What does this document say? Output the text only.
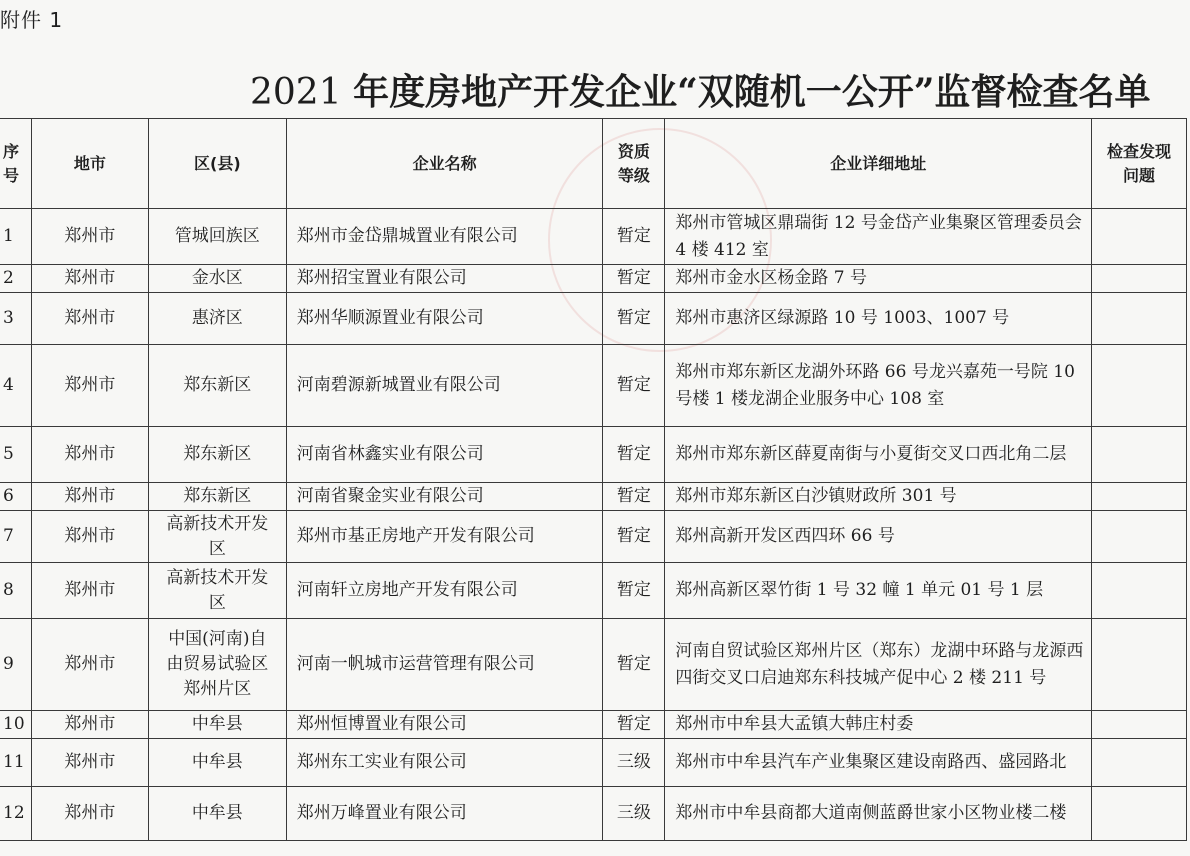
附件 1
2021 年度房地产开发企业“双随机一公开”监督检查名单
序号	地市	区(县)	企业名称	资质等级	企业详细地址	检查发现问题
1	郑州市	管城回族区	郑州市金岱鼎城置业有限公司	暂定	郑州市管城区鼎瑞街 12 号金岱产业集聚区管理委员会 4 楼 412 室	
2	郑州市	金水区	郑州招宝置业有限公司	暂定	郑州市金水区杨金路 7 号	
3	郑州市	惠济区	郑州华顺源置业有限公司	暂定	郑州市惠济区绿源路 10 号 1003、1007 号	
4	郑州市	郑东新区	河南碧源新城置业有限公司	暂定	郑州市郑东新区龙湖外环路 66 号龙兴嘉苑一号院 10 号楼 1 楼龙湖企业服务中心 108 室	
5	郑州市	郑东新区	河南省林鑫实业有限公司	暂定	郑州市郑东新区薛夏南街与小夏街交叉口西北角二层	
6	郑州市	郑东新区	河南省聚金实业有限公司	暂定	郑州市郑东新区白沙镇财政所 301 号	
7	郑州市	高新技术开发区	郑州市基正房地产开发有限公司	暂定	郑州高新开发区西四环 66 号	
8	郑州市	高新技术开发区	河南轩立房地产开发有限公司	暂定	郑州高新区翠竹街 1 号 32 幢 1 单元 01 号 1 层	
9	郑州市	中国(河南)自由贸易试验区郑州片区	河南一帆城市运营管理有限公司	暂定	河南自贸试验区郑州片区（郑东）龙湖中环路与龙源西四街交叉口启迪郑东科技城产促中心 2 楼 211 号	
10	郑州市	中牟县	郑州恒博置业有限公司	暂定	郑州市中牟县大孟镇大韩庄村委	
11	郑州市	中牟县	郑州东工实业有限公司	三级	郑州市中牟县汽车产业集聚区建设南路西、盛园路北	
12	郑州市	中牟县	郑州万峰置业有限公司	三级	郑州市中牟县商都大道南侧蓝爵世家小区物业楼二楼	
